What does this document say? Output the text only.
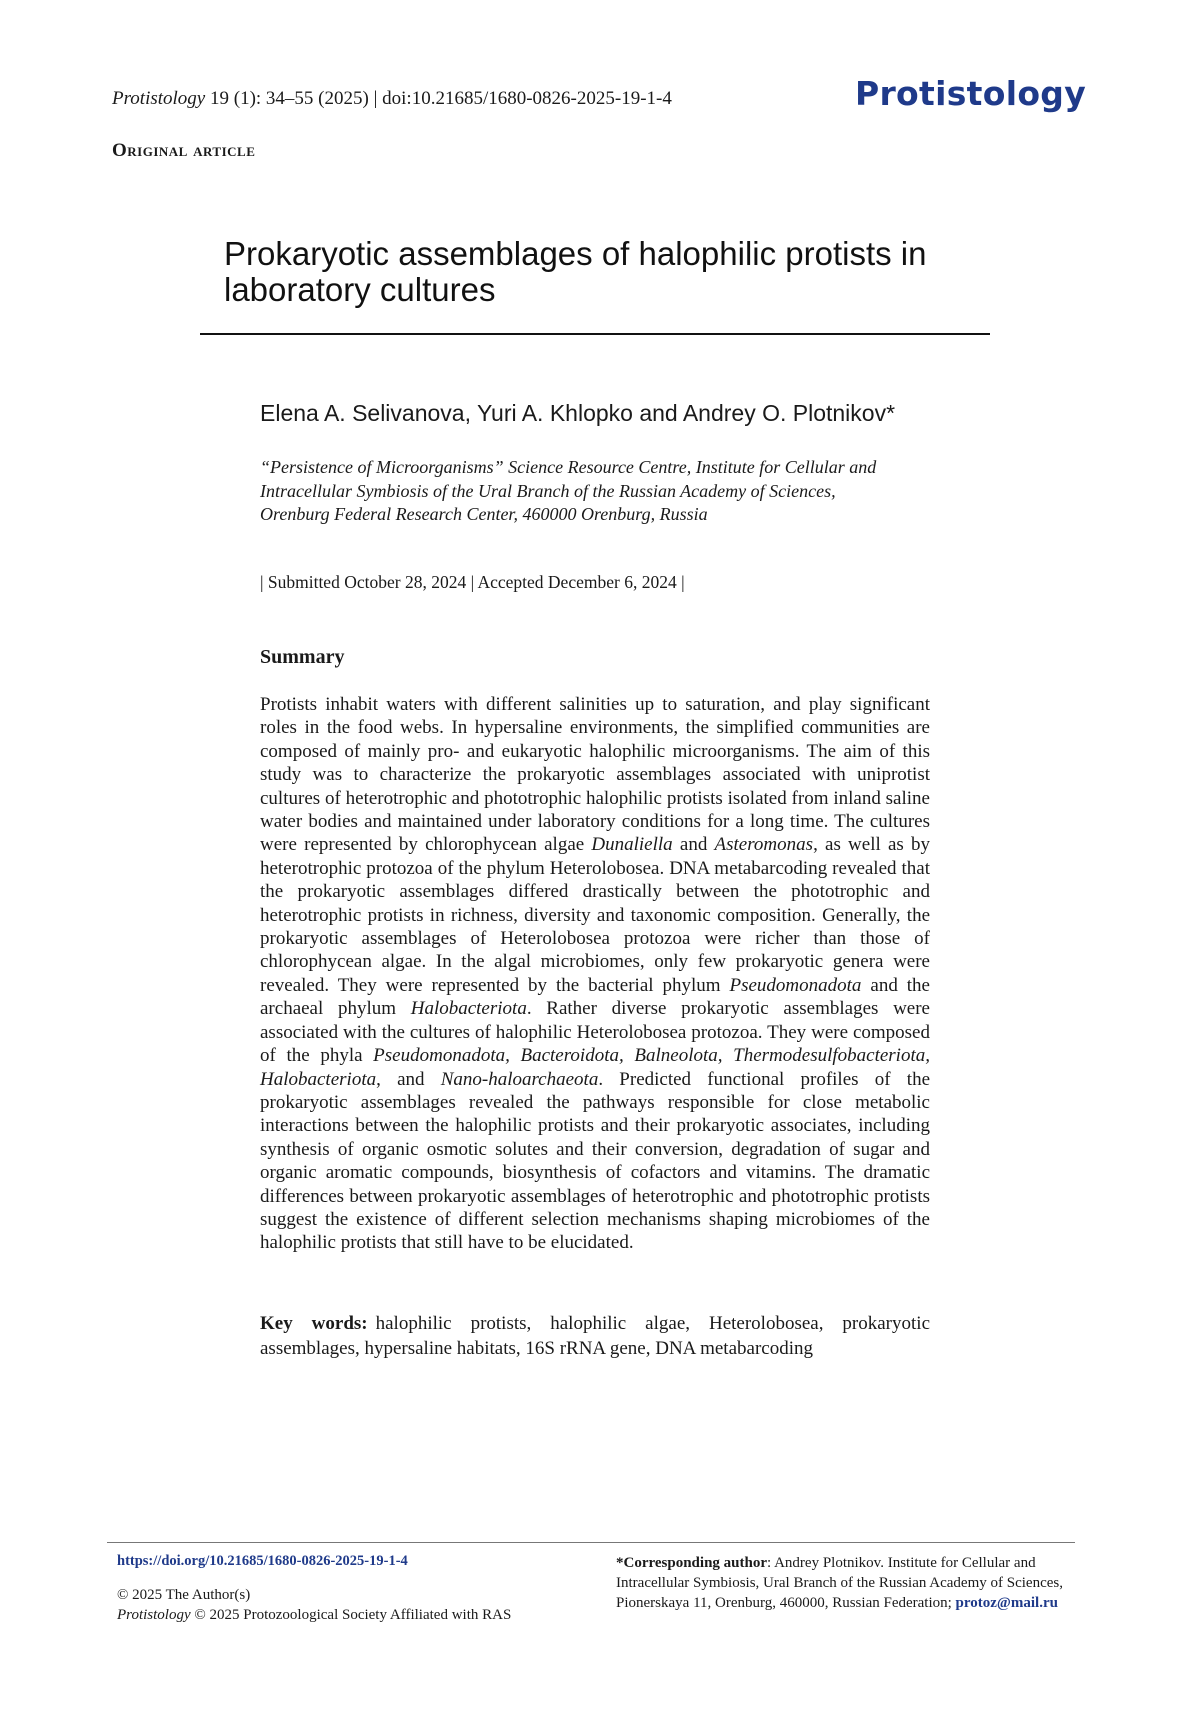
Protistology 19 (1): 34–55 (2025) | doi:10.21685/1680-0826-2025-19-1-4	Protistology
Original article
Prokaryotic assemblages of halophilic protists in laboratory cultures
Elena A. Selivanova, Yuri A. Khlopko and Andrey O. Plotnikov*
“Persistence of Microorganisms” Science Resource Centre, Institute for Cellular and Intracellular Symbiosis of the Ural Branch of the Russian Academy of Sciences, Orenburg Federal Research Center, 460000 Orenburg, Russia
| Submitted October 28, 2024 | Accepted December 6, 2024 |
Summary

Protists inhabit waters with different salinities up to saturation, and play significant roles in the food webs. In hypersaline environments, the simplified communities are composed of mainly pro- and eukaryotic halophilic microorganisms. The aim of this study was to characterize the prokaryotic assemblages associated with uniprotist cultures of heterotrophic and phototrophic halophilic protists isolated from inland saline water bodies and maintained under laboratory conditions for a long time. The cultures were represented by chlorophycean algae Dunaliella and Asteromonas, as well as by heterotrophic protozoa of the phylum Heterolobosea. DNA metabarcoding revealed that the prokaryotic assemblages differed drastically between the phototrophic and heterotrophic protists in richness, diversity and taxonomic composition. Generally, the prokaryotic assemblages of Heterolobosea protozoa were richer than those of chlorophycean algae. In the algal microbiomes, only few prokaryotic genera were revealed. They were represented by the bacterial phylum Pseudomonadota and the archaeal phylum Halobacteriota. Rather diverse prokaryotic assemblages were associated with the cultures of halophilic Heterolobosea protozoa. They were composed of the phyla Pseudomonadota, Bacteroidota, Balneolota, Thermodesulfobacteriota, Halobacteriota, and Nano-haloarchaeota. Predicted functional profiles of the prokaryotic assemblages revealed the pathways responsible for close metabolic interactions between the halophilic protists and their prokaryotic associates, including synthesis of organic osmotic solutes and their conversion, degradation of sugar and organic aromatic compounds, biosynthesis of cofactors and vitamins. The dramatic differences between prokaryotic assemblages of heterotrophic and phototrophic protists suggest the existence of different selection mechanisms shaping microbiomes of the halophilic protists that still have to be elucidated.

Key words: halophilic protists, halophilic algae, Heterolobosea, prokaryotic assemblages, hypersaline habitats, 16S rRNA gene, DNA metabarcoding
https://doi.org/10.21685/1680-0826-2025-19-1-4
© 2025 The Author(s)
Protistology © 2025 Protozoological Society Affiliated with RAS
*Corresponding author: Andrey Plotnikov. Institute for Cellular and Intracellular Symbiosis, Ural Branch of the Russian Academy of Sciences, Pionerskaya 11, Orenburg, 460000, Russian Federation; protoz@mail.ru
